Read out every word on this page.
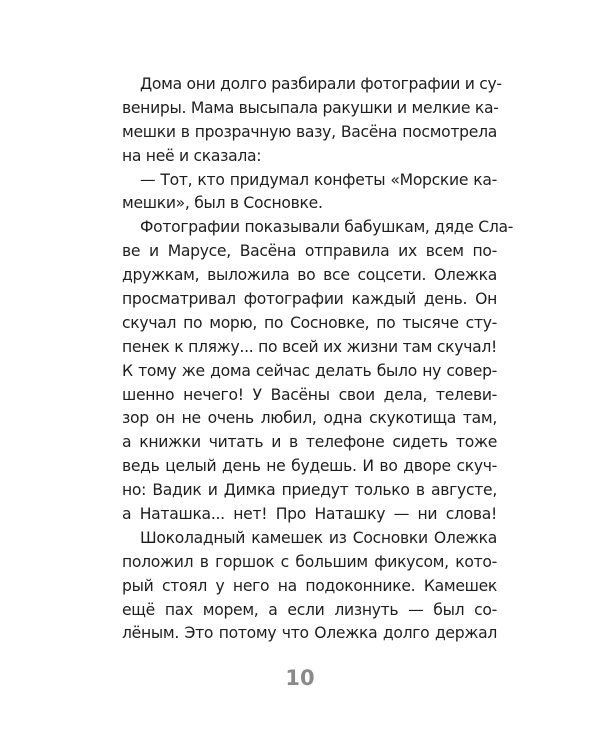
Дома они долго разбирали фотографии и су-
вениры. Мама высыпала ракушки и мелкие ка-
мешки в прозрачную вазу, Васёна посмотрела
на неё и сказала:
— Тот, кто придумал конфеты «Морские ка-
мешки», был в Сосновке.
Фотографии показывали бабушкам, дяде Сла-
ве и Марусе, Васёна отправила их всем по-
дружкам, выложила во все соцсети. Олежка
просматривал фотографии каждый день. Он
скучал по морю, по Сосновке, по тысяче сту-
пенек к пляжу... по всей их жизни там скучал!
К тому же дома сейчас делать было ну совер-
шенно нечего! У Васёны свои дела, телеви-
зор он не очень любил, одна скукотища там,
а книжки читать и в телефоне сидеть тоже
ведь целый день не будешь. И во дворе скуч-
но: Вадик и Димка приедут только в августе,
а Наташка... нет! Про Наташку — ни слова!
Шоколадный камешек из Сосновки Олежка
положил в горшок с большим фикусом, кото-
рый стоял у него на подоконнике. Камешек
ещё пах морем, а если лизнуть — был со-
лёным. Это потому что Олежка долго держал
10
